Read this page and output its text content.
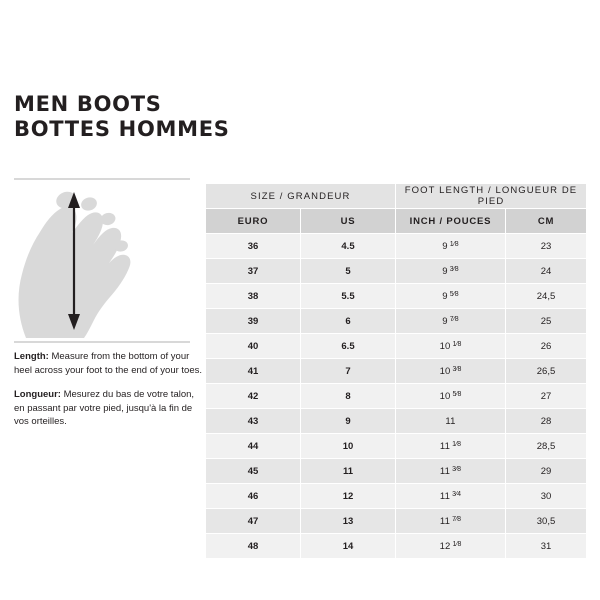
MEN BOOTS
BOTTES HOMMES

Length: Measure from the bottom of your heel across your foot to the end of your toes.

Longueur: Mesurez du bas de votre talon, en passant par votre pied, jusqu'à la fin de vos orteilles.

SIZE / GRANDEUR		FOOT LENGTH / LONGUEUR DE PIED	
EURO	US	INCH / POUCES	CM
36	4.5	9 1⁄8	23
37	5	9 3⁄8	24
38	5.5	9 5⁄8	24,5
39	6	9 7⁄8	25
40	6.5	10 1⁄8	26
41	7	10 3⁄8	26,5
42	8	10 5⁄8	27
43	9	11	28
44	10	11 1⁄8	28,5
45	11	11 3⁄8	29
46	12	11 3⁄4	30
47	13	11 7⁄8	30,5
48	14	12 1⁄8	31
